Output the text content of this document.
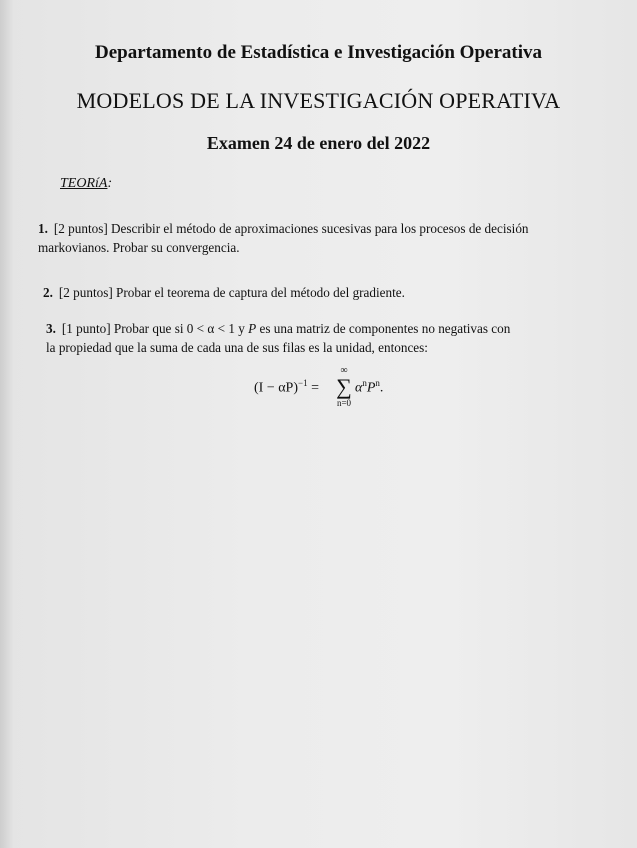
Departamento de Estadística e Investigación Operativa
MODELOS DE LA INVESTIGACIÓN OPERATIVA
Examen 24 de enero del 2022
TEORíA:
1. [2 puntos] Describir el método de aproximaciones sucesivas para los procesos de decisión
markovianos. Probar su convergencia.
2. [2 puntos] Probar el teorema de captura del método del gradiente.
3. [1 punto] Probar que si 0 < α < 1 y P es una matriz de componentes no negativas con
la propiedad que la suma de cada una de sus filas es la unidad, entonces:
$(I - \alpha P)^{-1}$ =
∞
∑
n=0
$\alpha^nP^n$.
